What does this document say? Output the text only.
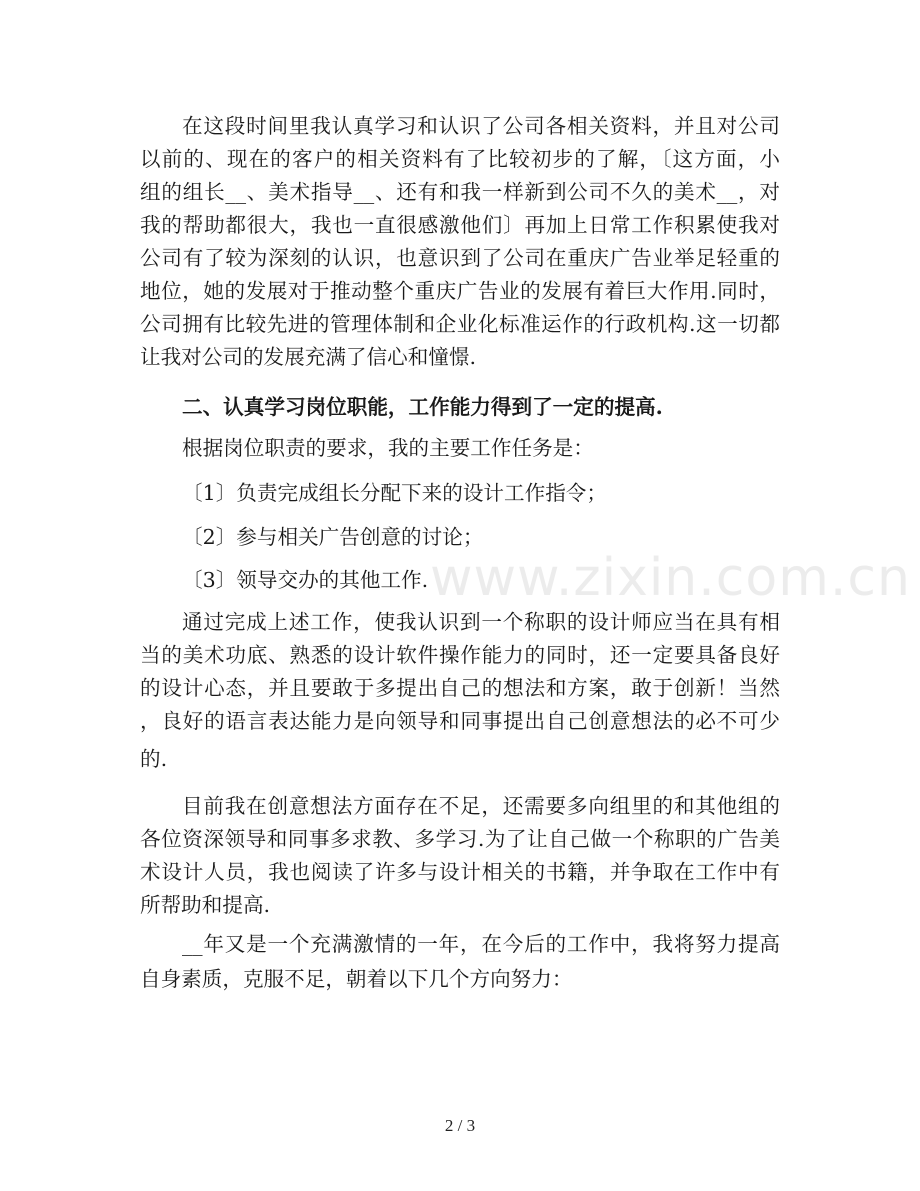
www.zixin.com.cn
在这段时间里我认真学习和认识了公司各相关资料，并且对公司
以前的、现在的客户的相关资料有了比较初步的了解，〔这方面，小
组的组长__、美术指导__、还有和我一样新到公司不久的美术__，对
我的帮助都很大，我也一直很感激他们〕再加上日常工作积累使我对
公司有了较为深刻的认识，也意识到了公司在重庆广告业举足轻重的
地位，她的发展对于推动整个重庆广告业的发展有着巨大作用.同时，
公司拥有比较先进的管理体制和企业化标准运作的行政机构.这一切都
让我对公司的发展充满了信心和憧憬.
二、认真学习岗位职能，工作能力得到了一定的提高.
根据岗位职责的要求，我的主要工作任务是：
〔1〕负责完成组长分配下来的设计工作指令；
〔2〕参与相关广告创意的讨论；
〔3〕领导交办的其他工作.
通过完成上述工作，使我认识到一个称职的设计师应当在具有相
当的美术功底、熟悉的设计软件操作能力的同时，还一定要具备良好
的设计心态，并且要敢于多提出自己的想法和方案，敢于创新！当然
，良好的语言表达能力是向领导和同事提出自己创意想法的必不可少
的.
目前我在创意想法方面存在不足，还需要多向组里的和其他组的
各位资深领导和同事多求教、多学习.为了让自己做一个称职的广告美
术设计人员，我也阅读了许多与设计相关的书籍，并争取在工作中有
所帮助和提高.
__年又是一个充满激情的一年，在今后的工作中，我将努力提高
自身素质，克服不足，朝着以下几个方向努力：
2 / 3
